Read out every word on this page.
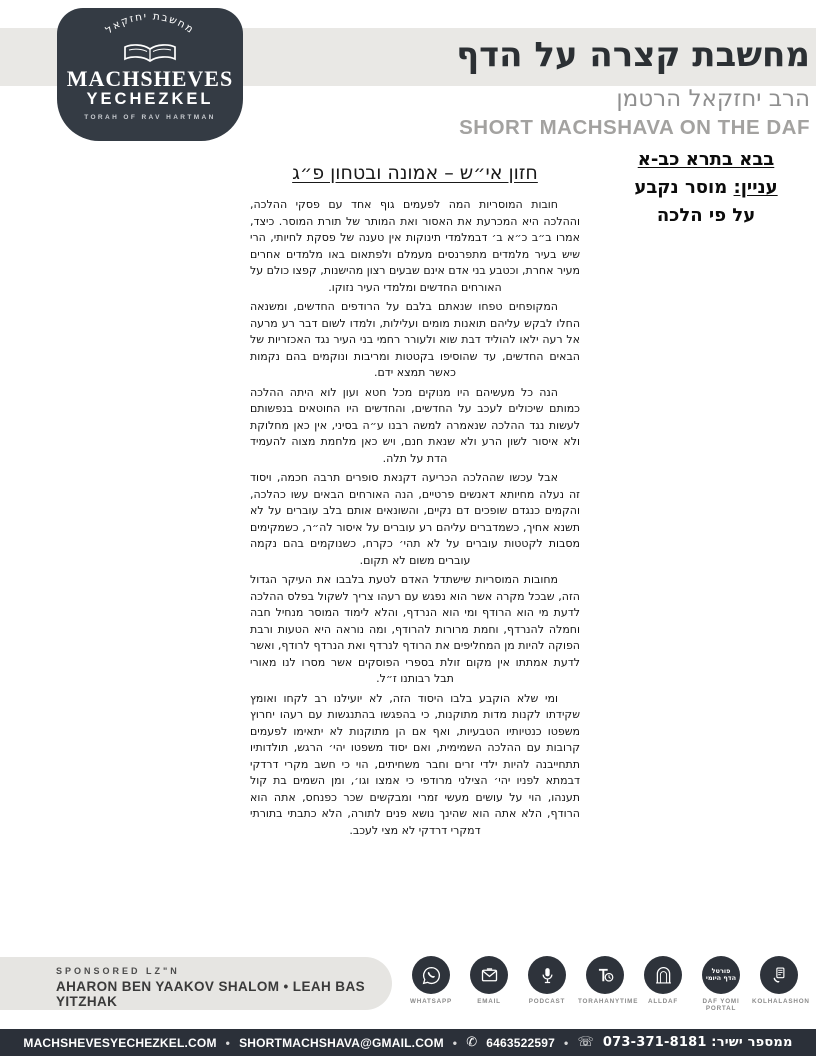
מחשבת יחזקאל
MACHSHEVES
YECHEZKEL
TORAH OF RAV HARTMAN
מחשבת קצרה על הדף
הרב יחזקאל הרטמן
SHORT MACHSHAVA ON THE DAF
בבא בתרא כב-א
עניין: מוסר נקבע
על פי הלכה
חזון אי״ש – אמונה ובטחון פ״ג

חובות המוסריות המה לפעמים גוף אחד עם פסקי ההלכה, וההלכה היא המכרעת את האסור ואת המותר של תורת המוסר. כיצד, אמרו ב״ב כ״א ב׳ דבמלמדי תינוקות אין טענה של פסקת לחיותי, הרי שיש בעיר מלמדים מתפרנסים מעמלם ולפתאום באו מלמדים אחרים מעיר אחרת, וכטבע בני אדם אינם שבעים רצון מהישנות, קפצו כולם על האורחים החדשים ומלמדי העיר נזוקו.

המקופחים טפחו שנאתם בלבם על הרודפים החדשים, ומשנאה החלו לבקש עליהם תואנות מומים ועלילות, ולמדו לשום דבר רע מרעה אל רעה ילאו להוליד דבת שוא ולעורר רחמי בני העיר נגד האכזריות של הבאים החדשים, עד שהוסיפו בקטטות ומריבות ונוקמים בהם נקמות כאשר תמצא ידם.

הנה כל מעשיהם היו מנוקים מכל חטא ועון לוא היתה ההלכה כמותם שיכולים לעכב על החדשים, והחדשים היו החוטאים בנפשותם לעשות נגד ההלכה שנאמרה למשה רבנו ע״ה בסיני, אין כאן מחלוקת ולא איסור לשון הרע ולא שנאת חנם, ויש כאן מלחמת מצוה להעמיד הדת על תלה.

אבל עכשו שההלכה הכריעה דקנאת סופרים תרבה חכמה, ויסוד זה נעלה מחיותא דאנשים פרטיים, הנה האורחים הבאים עשו כהלכה, והקמים כנגדם שופכים דם נקיים, והשונאים אותם בלב עוברים על לא תשנא אחיך, כשמדברים עליהם רע עוברים על איסור לה״ר, כשמקימים מסבות לקטטות עוברים על לא תהי׳ כקרח, כשנוקמים בהם נקמה עוברים משום לא תקום.

מחובות המוסריות שישתדל האדם לטעת בלבבו את העיקר הגדול הזה, שבכל מקרה אשר הוא נפגש עם רעהו צריך לשקול בפלס ההלכה לדעת מי הוא הרודף ומי הוא הנרדף, והלא לימוד המוסר מנחיל חבה וחמלה להנרדף, וחמת מרורות להרודף, ומה נוראה היא הטעות ורבת הפוקה להיות מן המחליפים את הרודף לנרדף ואת הנרדף לרודף, ואשר לדעת אמתתו אין מקום זולת בספרי הפוסקים אשר מסרו לנו מאורי תבל רבותנו ז״ל.

ומי שלא הוקבע בלבו היסוד הזה, לא יועילנו רב לקחו ואומץ שקידתו לקנות מדות מתוקנות, כי בהפגשו בהתנגשות עם רעהו יחרוץ משפטו כנטיותיו הטבעיות, ואף אם הן מתוקנות לא יתאימו לפעמים קרובות עם ההלכה השמימית, ואם יסוד משפטו יהי׳ הרגש, תולדותיו תתחייבנה להיות ילדי זרים וחבר משחיתים, הוי כי חשב מקרי דרדקי דבמתא לפניו יהי׳ הצילני מרודפי כי אמצו וגו׳, ומן השמים בת קול תענהו, הוי על עושים מעשי זמרי ומבקשים שכר כפנחס, אתה הוא הרודף, הלא אתה הוא שהינך נושא פנים לתורה, הלא כתבתי בתורתי דמקרי דרדקי לא מצי לעכב.

SPONSORED LZ"N
AHARON BEN YAAKOV SHALOM • LEAH BAS YITZHAK	WHATSAPP	EMAIL	PODCAST	TORAHANYTIME	ALLDAF
פורטל
הדף היומי
DAF YOMI PORTAL
KOLHALASHON
MACHSHEVESYECHEZKEL.COM • SHORTMACHSHAVA@GMAIL.COM • ✆ 6463522597 • ☏ ממספר ישיר: 073-371-8181
